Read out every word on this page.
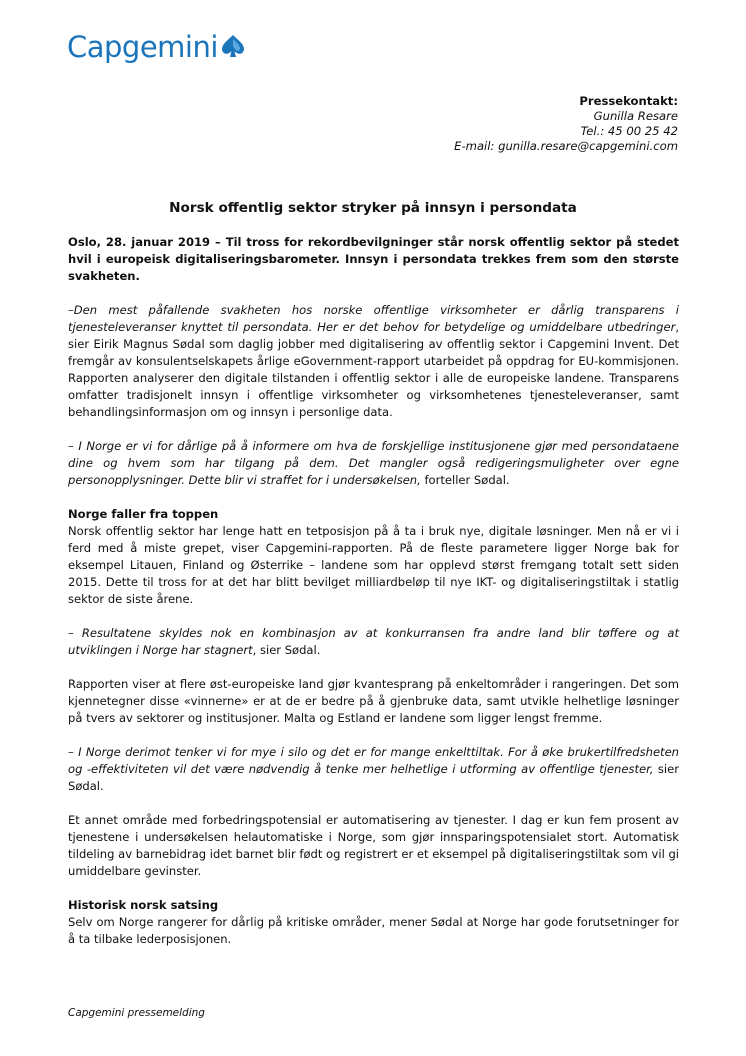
Capgemini
Pressekontakt:
Gunilla Resare
Tel.: 45 00 25 42
E-mail: gunilla.resare@capgemini.com
Norsk offentlig sektor stryker på innsyn i persondata

Oslo, 28. januar 2019 – Til tross for rekordbevilgninger står norsk offentlig sektor på stedet hvil i europeisk digitaliseringsbarometer. Innsyn i persondata trekkes frem som den største svakheten.

–Den mest påfallende svakheten hos norske offentlige virksomheter er dårlig transparens i tjenesteleveranser knyttet til persondata. Her er det behov for betydelige og umiddelbare utbedringer, sier Eirik Magnus Sødal som daglig jobber med digitalisering av offentlig sektor i Capgemini Invent. Det fremgår av konsulentselskapets årlige eGovernment-rapport utarbeidet på oppdrag for EU-kommisjonen. Rapporten analyserer den digitale tilstanden i offentlig sektor i alle de europeiske landene. Transparens omfatter tradisjonelt innsyn i offentlige virksomheter og virksomhetenes tjenesteleveranser, samt behandlingsinformasjon om og innsyn i personlige data.

– I Norge er vi for dårlige på å informere om hva de forskjellige institusjonene gjør med persondataene dine og hvem som har tilgang på dem. Det mangler også redigeringsmuligheter over egne personopplysninger. Dette blir vi straffet for i undersøkelsen, forteller Sødal.

Norge faller fra toppen

Norsk offentlig sektor har lenge hatt en tetposisjon på å ta i bruk nye, digitale løsninger. Men nå er vi i ferd med å miste grepet, viser Capgemini-rapporten. På de fleste parametere ligger Norge bak for eksempel Litauen, Finland og Østerrike – landene som har opplevd størst fremgang totalt sett siden 2015. Dette til tross for at det har blitt bevilget milliardbeløp til nye IKT- og digitaliseringstiltak i statlig sektor de siste årene.

– Resultatene skyldes nok en kombinasjon av at konkurransen fra andre land blir tøffere og at utviklingen i Norge har stagnert, sier Sødal.

Rapporten viser at flere øst-europeiske land gjør kvantesprang på enkeltområder i rangeringen. Det som kjennetegner disse «vinnerne» er at de er bedre på å gjenbruke data, samt utvikle helhetlige løsninger på tvers av sektorer og institusjoner. Malta og Estland er landene som ligger lengst fremme.

– I Norge derimot tenker vi for mye i silo og det er for mange enkelttiltak. For å øke brukertilfredsheten og -effektiviteten vil det være nødvendig å tenke mer helhetlige i utforming av offentlige tjenester, sier Sødal.

Et annet område med forbedringspotensial er automatisering av tjenester. I dag er kun fem prosent av tjenestene i undersøkelsen helautomatiske i Norge, som gjør innsparingspotensialet stort. Automatisk tildeling av barnebidrag idet barnet blir født og registrert er et eksempel på digitaliseringstiltak som vil gi umiddelbare gevinster.

Historisk norsk satsing

Selv om Norge rangerer for dårlig på kritiske områder, mener Sødal at Norge har gode forutsetninger for å ta tilbake lederposisjonen.

Capgemini pressemelding
